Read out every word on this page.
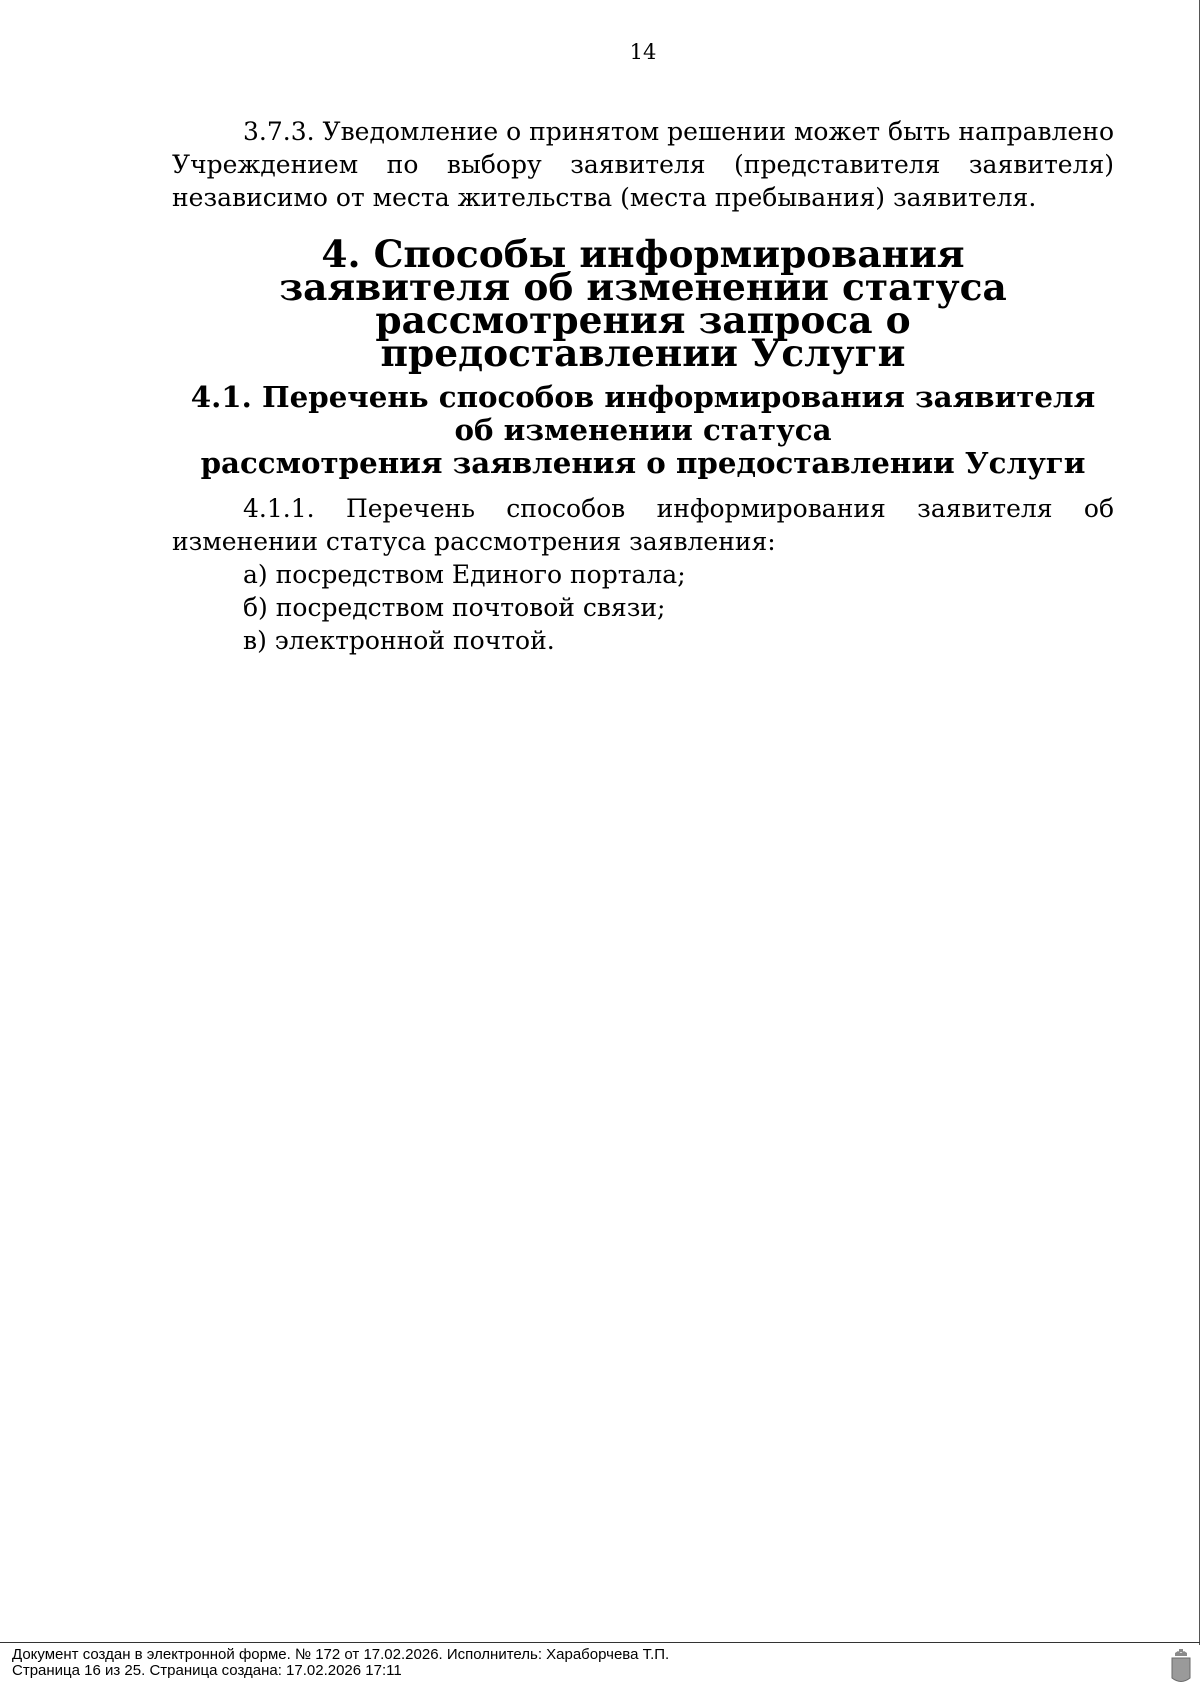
14

3.7.3. Уведомление о принятом решении может быть направлено Учреждением по выбору заявителя (представителя заявителя) независимо от места жительства (места пребывания) заявителя.

4. Способы информирования заявителя об изменении статуса
рассмотрения запроса о предоставлении Услуги
4.1. Перечень способов информирования заявителя об изменении статуса
рассмотрения заявления о предоставлении Услуги

4.1.1. Перечень способов информирования заявителя об изменении статуса рассмотрения заявления:

а) посредством Единого портала;

б) посредством почтовой связи;

в) электронной почтой.

Документ создан в электронной форме. № 172 от 17.02.2026. Исполнитель: Хараборчева Т.П.
Страница 16 из 25. Страница создана: 17.02.2026 17:11
